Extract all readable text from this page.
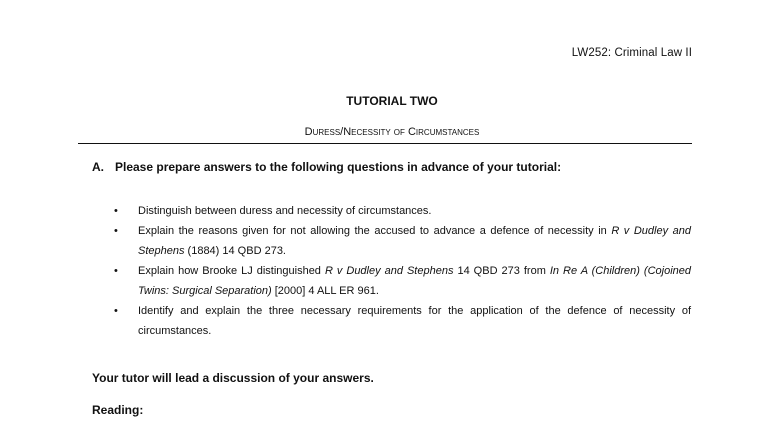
LW252: Criminal Law II
TUTORIAL TWO
Duress/Necessity of Circumstances
A. Please prepare answers to the following questions in advance of your tutorial:
• Distinguish between duress and necessity of circumstances.
• Explain the reasons given for not allowing the accused to advance a defence of necessity in R v Dudley and Stephens (1884) 14 QBD 273.
• Explain how Brooke LJ distinguished R v Dudley and Stephens 14 QBD 273 from In Re A (Children) (Cojoined Twins: Surgical Separation) [2000] 4 ALL ER 961.
• Identify and explain the three necessary requirements for the application of the defence of necessity of circumstances.
Your tutor will lead a discussion of your answers.
Reading:
